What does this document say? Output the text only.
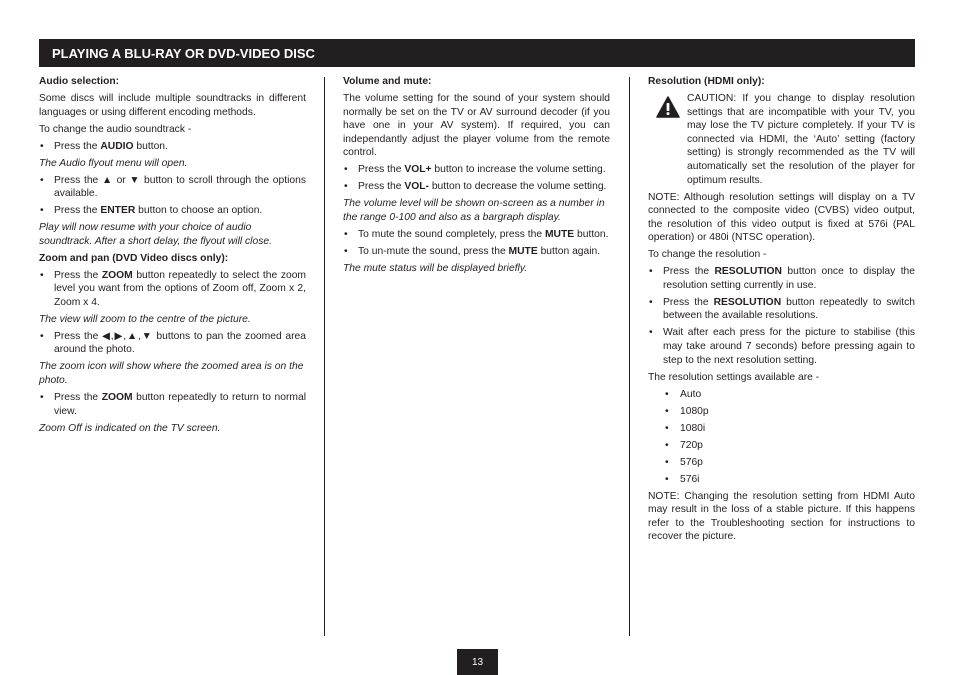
PLAYING A BLU-RAY OR DVD-VIDEO DISC

Audio selection:

Some discs will include multiple soundtracks in different languages or using different encoding methods.

To change the audio soundtrack -

• Press the AUDIO button.

The Audio flyout menu will open.

• Press the ▲ or ▼ button to scroll through the options available.
• Press the ENTER button to choose an option.

Play will now resume with your choice of audio soundtrack. After a short delay, the flyout will close.

Zoom and pan (DVD Video discs only):

• Press the ZOOM button repeatedly to select the zoom level you want from the options of Zoom off, Zoom x 2, Zoom x 4.

The view will zoom to the centre of the picture.

• Press the ◀,▶,▲,▼ buttons to pan the zoomed area around the photo.

The zoom icon will show where the zoomed area is on the photo.

• Press the ZOOM button repeatedly to return to normal view.

Zoom Off is indicated on the TV screen.

Volume and mute:

The volume setting for the sound of your system should normally be set on the TV or AV surround decoder (if you have one in your AV system). If required, you can independantly adjust the player volume from the remote control.

• Press the VOL+ button to increase the volume setting.
• Press the VOL- button to decrease the volume setting.

The volume level will be shown on-screen as a number in the range 0-100 and also as a bargraph display.

• To mute the sound completely, press the MUTE button.
• To un-mute the sound, press the MUTE button again.

The mute status will be displayed briefly.

Resolution (HDMI only):

CAUTION: If you change to display resolution settings that are incompatible with your TV, you may lose the TV picture completely. If your TV is connected via HDMI, the ‘Auto’ setting (factory setting) is strongly recommended as the TV will automatically set the resolution of the player for optimum results.

NOTE: Although resolution settings will display on a TV connected to the composite video (CVBS) video output, the resolution of this video output is fixed at 576i (PAL operation) or 480i (NTSC operation).

To change the resolution -

• Press the RESOLUTION button once to display the resolution setting currently in use.
• Press the RESOLUTION button repeatedly to switch between the available resolutions.
• Wait after each press for the picture to stabilise (this may take around 7 seconds) before pressing again to step to the next resolution setting.

The resolution settings available are -

• Auto
• 1080p
• 1080i
• 720p
• 576p
• 576i

NOTE: Changing the resolution setting from HDMI Auto may result in the loss of a stable picture. If this happens refer to the Troubleshooting section for instructions to recover the picture.

13
